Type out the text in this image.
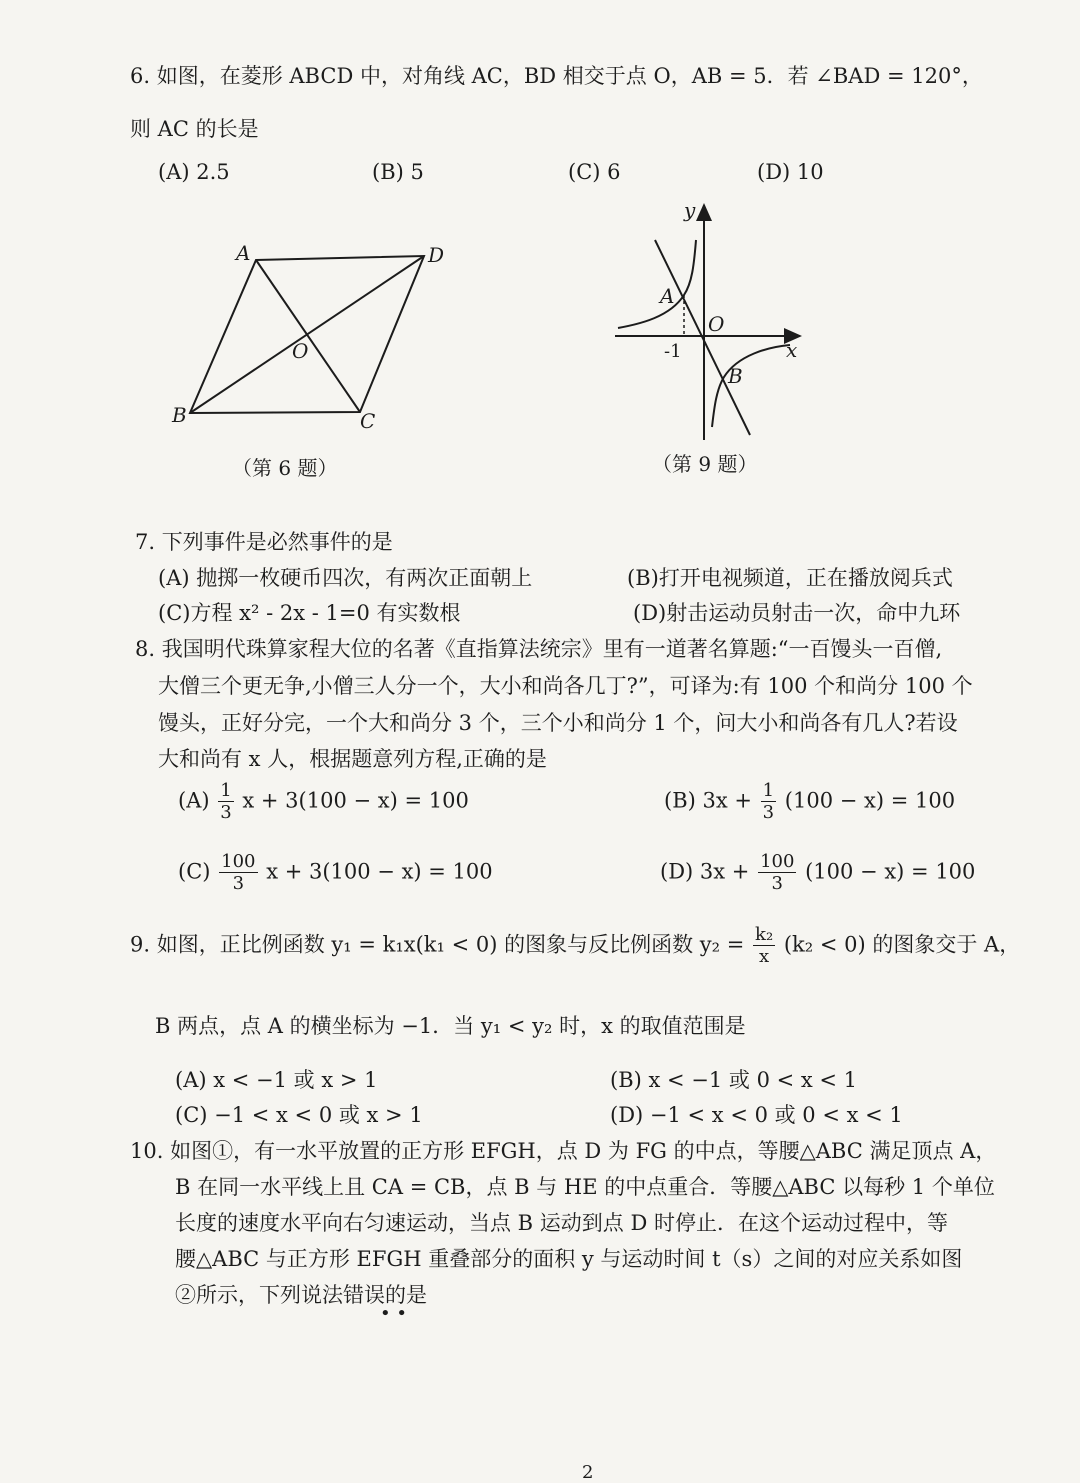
6. 如图，在菱形 ABCD 中，对角线 AC，BD 相交于点 O，AB = 5．若 ∠BAD = 120°，
则 AC 的长是
(A) 2.5	(B) 5	(C) 6	(D) 10
A	D
B	C
O
（第 6 题）
y
x
O
A
B
-1
（第 9 题）
7. 下列事件是必然事件的是
(A) 抛掷一枚硬币四次，有两次正面朝上	(B)打开电视频道，正在播放阅兵式
(C)方程 x² - 2x - 1=0 有实数根	(D)射击运动员射击一次，命中九环
8. 我国明代珠算家程大位的名著《直指算法统宗》里有一道著名算题:“一百馒头一百僧,
大僧三个更无争,小僧三人分一个，大小和尚各几丁?”，可译为:有 100 个和尚分 100 个
馒头，正好分完，一个大和尚分 3 个，三个小和尚分 1 个，问大小和尚各有几人?若设
大和尚有 x 人，根据题意列方程,正确的是
$(A) \frac{1}{3}$ x + 3(100 − x) = 100	(B) $3x + \frac{1}{3} (100 - x) = 100$
$(C) \frac{100}{3}$ x + 3(100 − x) = 100	(D) $3x + \frac{100}{3} (100 - x) = 100$
9. 如图，正比例函数 y₁ = k₁x(k₁ < 0) 的图象与反比例函数 $y_2 = \frac{\text{k₂}}{x} (k_2 < 0)$ 的图象交于 A，
B 两点，点 A 的横坐标为 −1．当 y₁ < y₂ 时，x 的取值范围是
(A) x < −1 或 x > 1	(B) x < −1 或 0 < x < 1
(C) −1 < x < 0 或 x > 1	(D) −1 < x < 0 或 0 < x < 1
10. 如图①，有一水平放置的正方形 EFGH，点 D 为 FG 的中点，等腰△ABC 满足顶点 A，
B 在同一水平线上且 CA = CB，点 B 与 HE 的中点重合．等腰△ABC 以每秒 1 个单位
长度的速度水平向右匀速运动，当点 B 运动到点 D 时停止．在这个运动过程中，等
腰△ABC 与正方形 EFGH 重叠部分的面积 y 与运动时间 t（s）之间的对应关系如图
②所示，下列说法错误的是
• •
2
